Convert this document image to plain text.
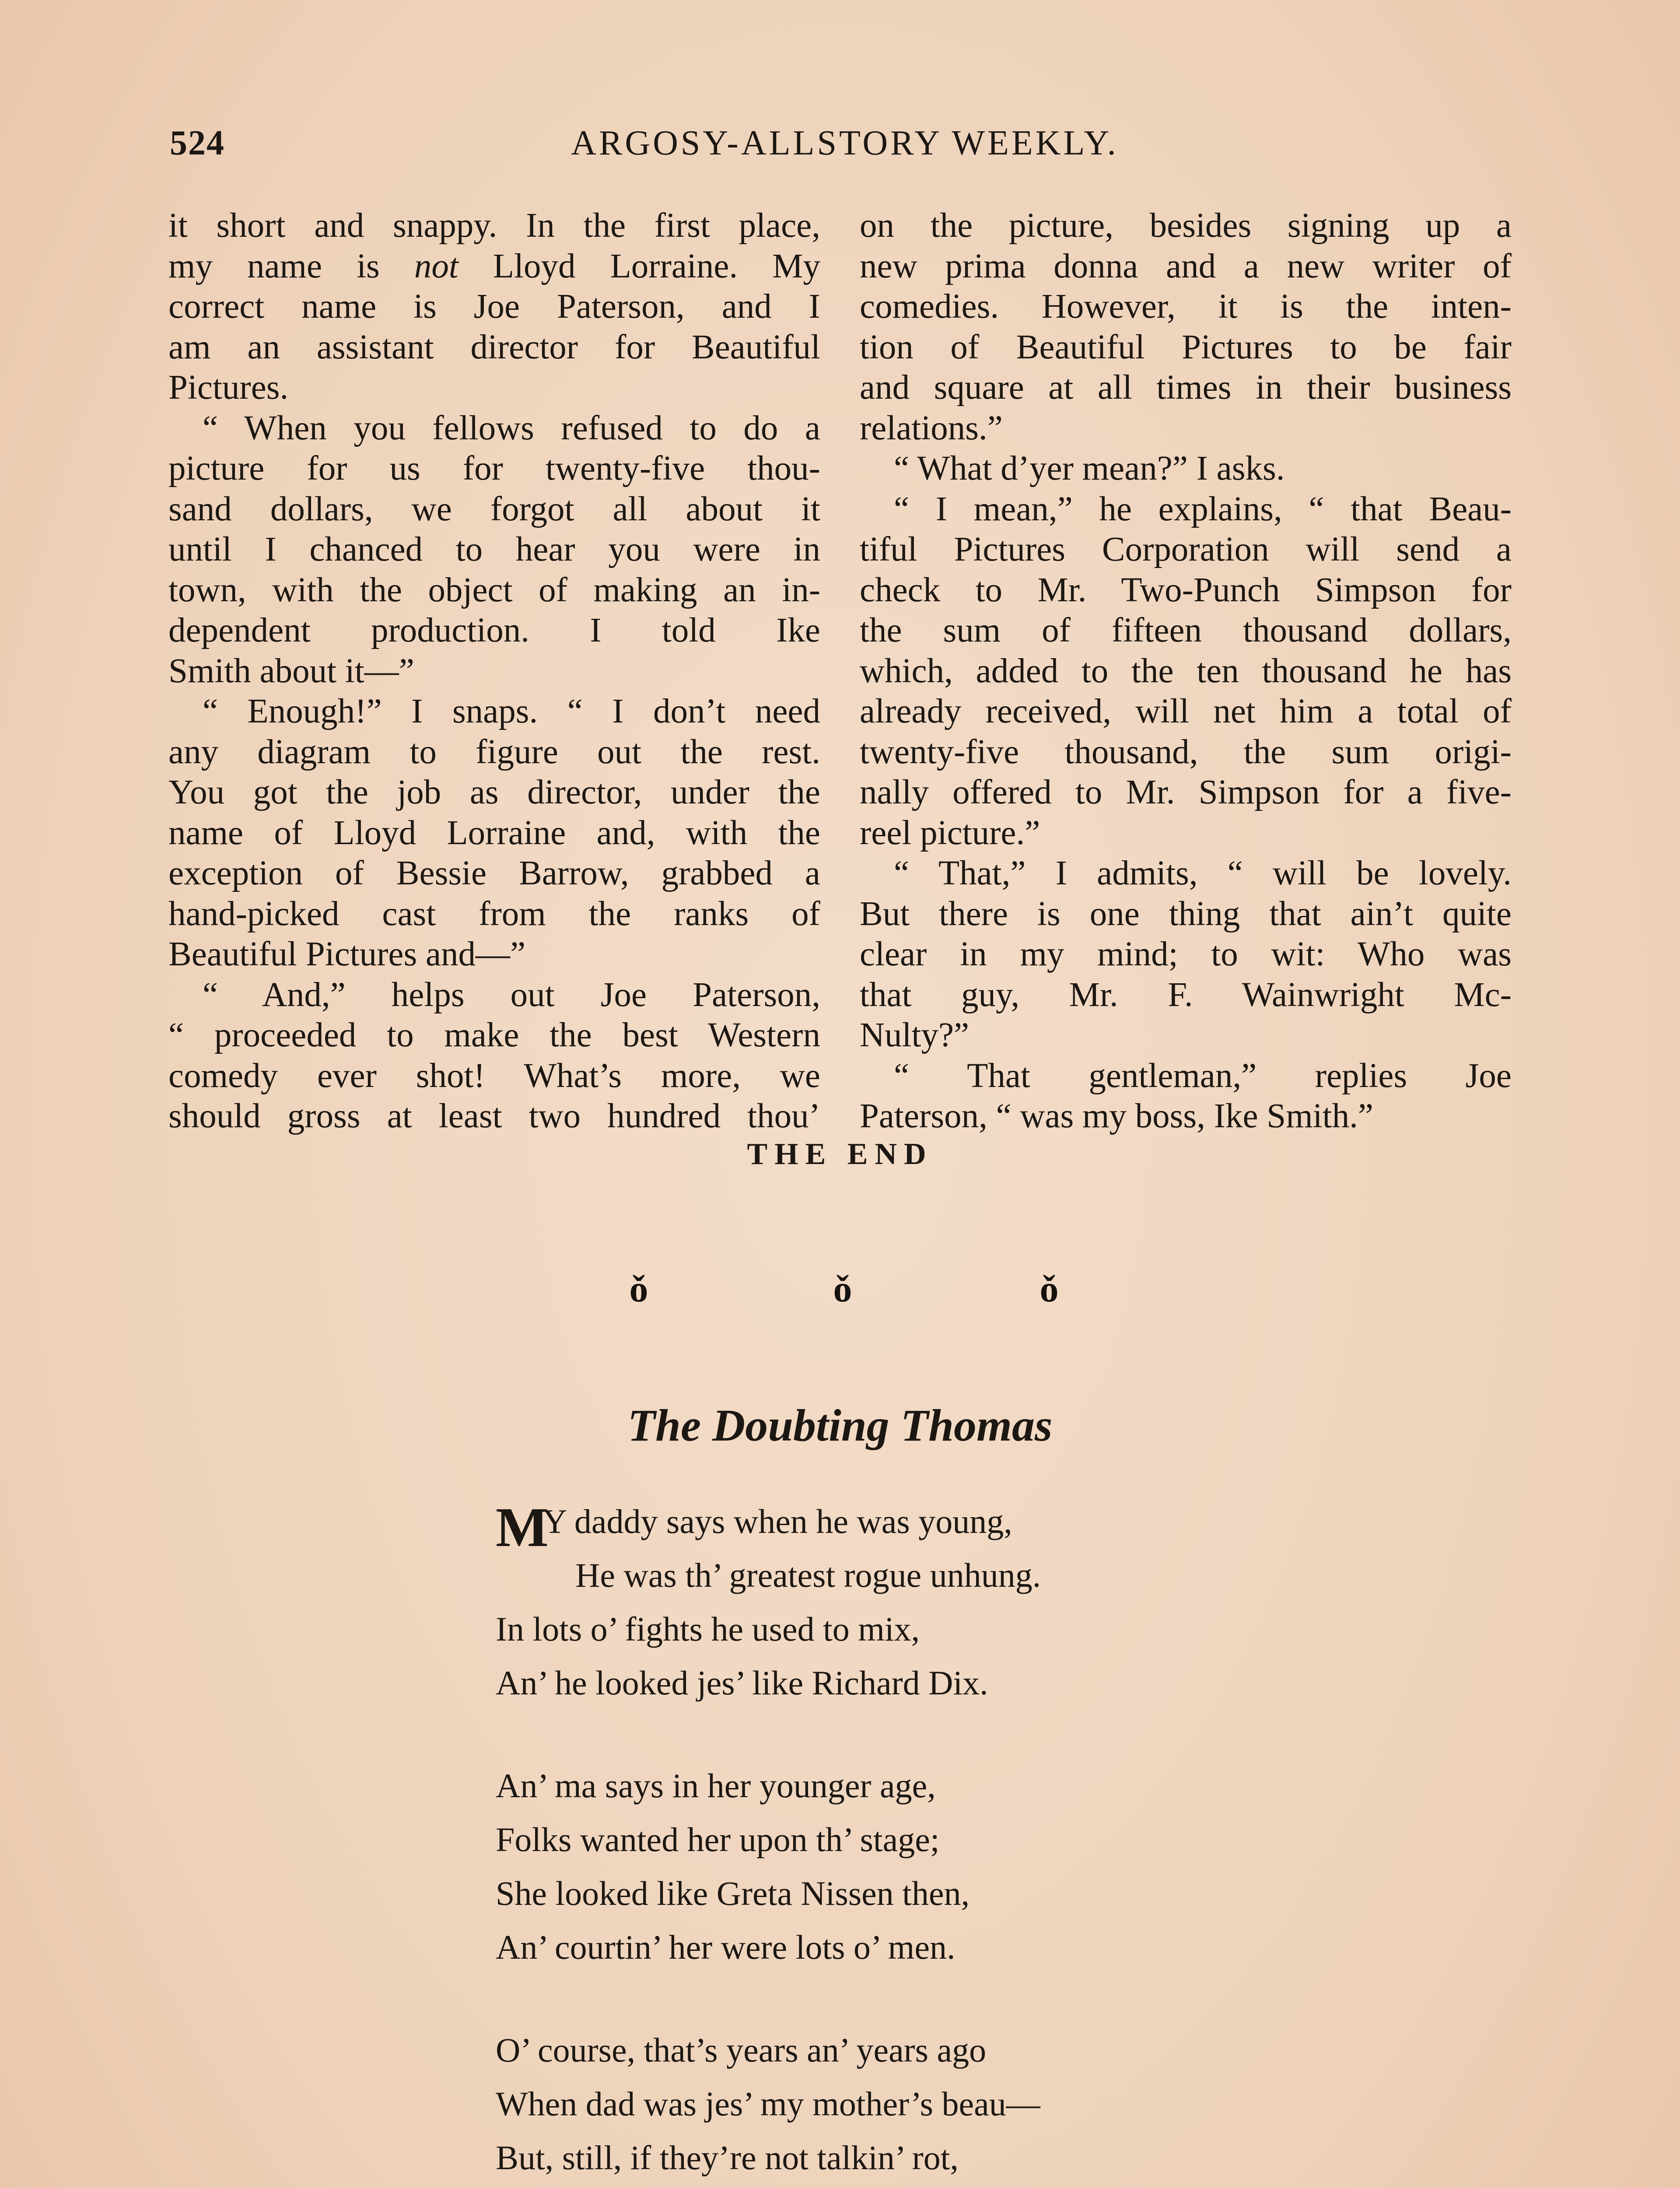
524	ARGOSY-ALLSTORY WEEKLY.
it short and snappy. In the first place,
my name is not Lloyd Lorraine. My
correct name is Joe Paterson, and I
am an assistant director for Beautiful
Pictures.
“ When you fellows refused to do a
picture for us for twenty-five thou-
sand dollars, we forgot all about it
until I chanced to hear you were in
town, with the object of making an in-
dependent production. I told Ike
Smith about it—”
“ Enough!” I snaps. “ I don’t need
any diagram to figure out the rest.
You got the job as director, under the
name of Lloyd Lorraine and, with the
exception of Bessie Barrow, grabbed a
hand-picked cast from the ranks of
Beautiful Pictures and—”
“ And,” helps out Joe Paterson,
“ proceeded to make the best Western
comedy ever shot! What’s more, we
should gross at least two hundred thou’
on the picture, besides signing up a
new prima donna and a new writer of
comedies. However, it is the inten-
tion of Beautiful Pictures to be fair
and square at all times in their business
relations.”
“ What d’yer mean?” I asks.
“ I mean,” he explains, “ that Beau-
tiful Pictures Corporation will send a
check to Mr. Two-Punch Simpson for
the sum of fifteen thousand dollars,
which, added to the ten thousand he has
already received, will net him a total of
twenty-five thousand, the sum origi-
nally offered to Mr. Simpson for a five-
reel picture.”
“ That,” I admits, “ will be lovely.
But there is one thing that ain’t quite
clear in my mind; to wit: Who was
that guy, Mr. F. Wainwright Mc-
Nulty?”
“ That gentleman,” replies Joe
Paterson, “ was my boss, Ike Smith.”
THE END
ǒ	ǒ	ǒ
The Doubting Thomas
M
Y daddy says when he was young,
He was th’ greatest rogue unhung.
In lots o’ fights he used to mix,
An’ he looked jes’ like Richard Dix.
An’ ma says in her younger age,
Folks wanted her upon th’ stage;
She looked like Greta Nissen then,
An’ courtin’ her were lots o’ men.
O’ course, that’s years an’ years ago
When dad was jes’ my mother’s beau—
But, still, if they’re not talkin’ rot,
